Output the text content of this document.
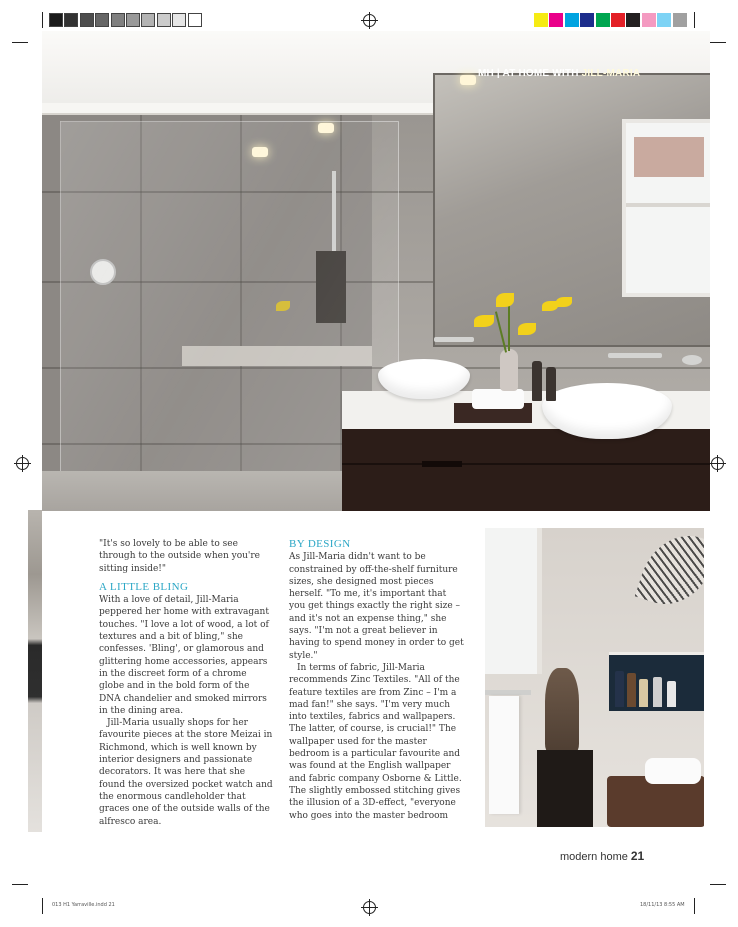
MH | AT HOME WITH JILL-MARIA

"It's so lovely to be able to see through to the outside when you're sitting inside!"

A LITTLE BLING

With a love of detail, Jill-Maria peppered her home with extravagant touches. "I love a lot of wood, a lot of textures and a bit of bling," she confesses. 'Bling', or glamorous and glittering home accessories, appears in the discreet form of a chrome globe and in the bold form of the DNA chandelier and smoked mirrors in the dining area.

Jill-Maria usually shops for her favourite pieces at the store Meizai in Richmond, which is well known by interior designers and passionate decorators. It was here that she found the oversized pocket watch and the enormous candleholder that graces one of the outside walls of the alfresco area.

BY DESIGN

As Jill-Maria didn't want to be constrained by off-the-shelf furniture sizes, she designed most pieces herself. "To me, it's important that you get things exactly the right size – and it's not an expense thing," she says. "I'm not a great believer in having to spend money in order to get style."

In terms of fabric, Jill-Maria recommends Zinc Textiles. "All of the feature textiles are from Zinc – I'm a mad fan!" she says. "I'm very much into textiles, fabrics and wallpapers. The latter, of course, is crucial!" The wallpaper used for the master bedroom is a particular favourite and was found at the English wallpaper and fabric company Osborne & Little. The slightly embossed stitching gives the illusion of a 3D-effect, "everyone who goes into the master bedroom

modern home 21
013 H1 Yarraville.indd 21	18/11/13 8:55 AM
